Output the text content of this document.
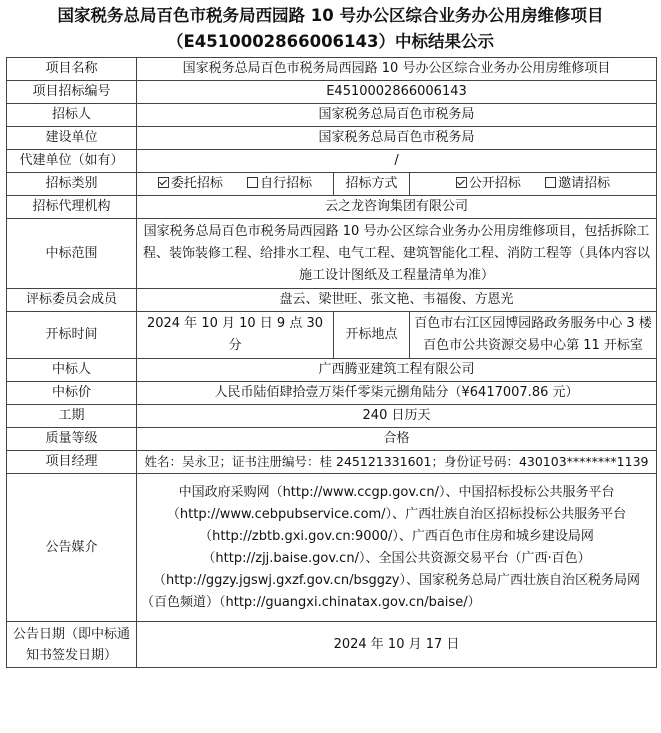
国家税务总局百色市税务局西园路 10 号办公区综合业务办公用房维修项目
（E4510002866006143）中标结果公示
项目名称	国家税务总局百色市税务局西园路 10 号办公区综合业务办公用房维修项目		
项目招标编号	E4510002866006143		
招标人	国家税务总局百色市税务局		
建设单位	国家税务总局百色市税务局		
代建单位（如有）	/		
招标类别	委托招标 自行招标	招标方式	公开招标 邀请招标
招标代理机构	云之龙咨询集团有限公司		
中标范围	国家税务总局百色市税务局西园路 10 号办公区综合业务办公用房维修项目，包括拆除工程、装饰装修工程、给排水工程、电气工程、建筑智能化工程、消防工程等（具体内容以施工设计图纸及工程量清单为准）		
评标委员会成员	盘云、梁世旺、张文艳、韦福俊、方恩光		
开标时间	2024 年 10 月 10 日 9 点 30 分	开标地点	百色市右江区园博园路政务服务中心 3 楼百色市公共资源交易中心第 11 开标室
中标人	广西腾亚建筑工程有限公司		
中标价	人民币陆佰肆拾壹万柒仟零柒元捌角陆分（¥6417007.86 元）		
工期	240 日历天		
质量等级	合格		
项目经理	姓名：吴永卫；证书注册编号：桂 245121331601；身份证号码：430103********1139		
公告媒介	中国政府采购网（http://www.ccgp.gov.cn/）、中国招标投标公共服务平台（http://www.cebpubservice.com/）、广西壮族自治区招标投标公共服务平台（http://zbtb.gxi.gov.cn:9000/）、广西百色市住房和城乡建设局网（http://zjj.baise.gov.cn/）、全国公共资源交易平台（广西·百色）（http://ggzy.jgswj.gxzf.gov.cn/bsggzy）、国家税务总局广西壮族自治区税务局网（百色频道）（http://guangxi.chinatax.gov.cn/baise/）		
公告日期（即中标通知书签发日期）	2024 年 10 月 17 日		
